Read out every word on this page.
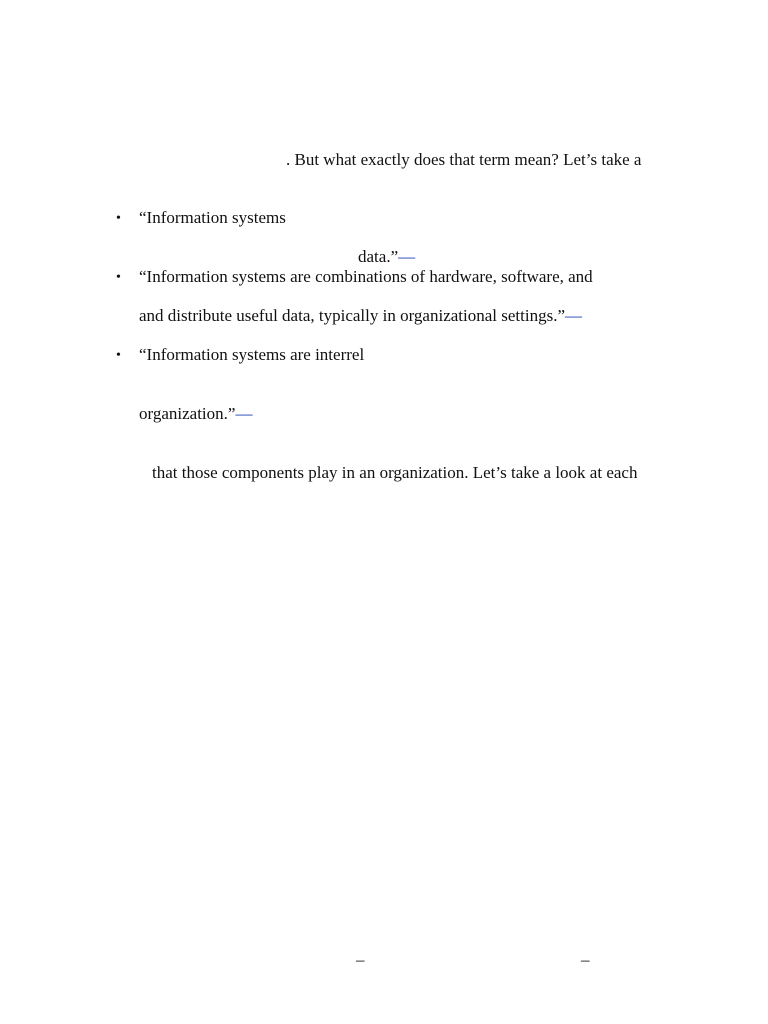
. But what exactly does that term mean? Let’s take a
• “Information systems
data.”—
• “Information systems are combinations of hardware, software, and
and distribute useful data, typically in organizational settings.”—
• “Information systems are interrel
organization.”—
that those components play in an organization. Let’s take a look at each
–	–
